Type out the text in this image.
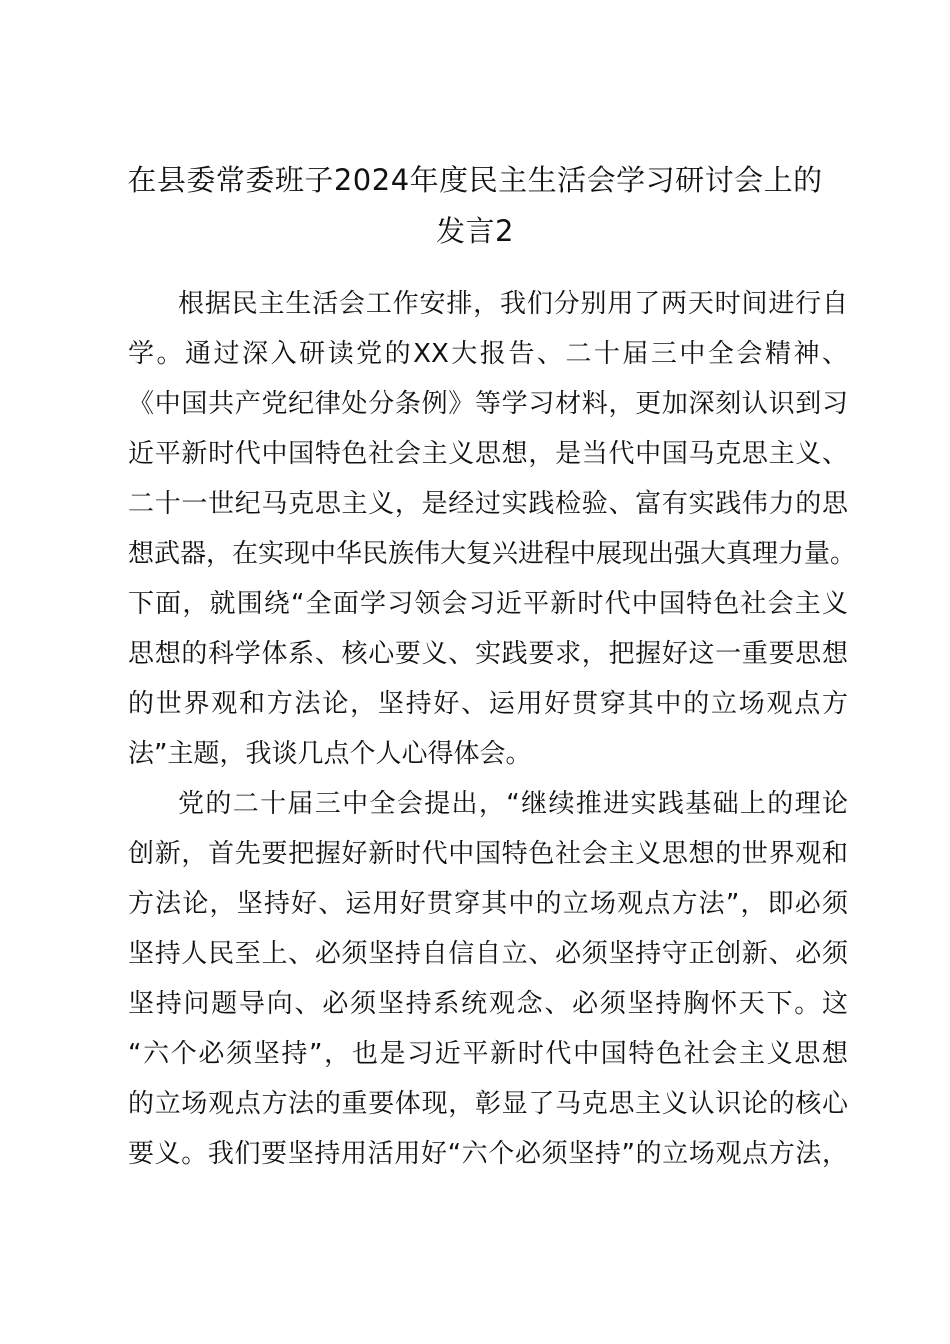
在县委常委班子2024年度民主生活会学习研讨会上的
发言2

根据民主生活会工作安排，我们分别用了两天时间进行自

学。通过深入研读党的XX大报告、二十届三中全会精神、

《中国共产党纪律处分条例》等学习材料，更加深刻认识到习

近平新时代中国特色社会主义思想，是当代中国马克思主义、

二十一世纪马克思主义，是经过实践检验、富有实践伟力的思

想武器，在实现中华民族伟大复兴进程中展现出强大真理力量。

下面，就围绕“全面学习领会习近平新时代中国特色社会主义

思想的科学体系、核心要义、实践要求，把握好这一重要思想

的世界观和方法论，坚持好、运用好贯穿其中的立场观点方

法”主题，我谈几点个人心得体会。

党的二十届三中全会提出，“继续推进实践基础上的理论

创新，首先要把握好新时代中国特色社会主义思想的世界观和

方法论，坚持好、运用好贯穿其中的立场观点方法”，即必须

坚持人民至上、必须坚持自信自立、必须坚持守正创新、必须

坚持问题导向、必须坚持系统观念、必须坚持胸怀天下。这

“六个必须坚持”，也是习近平新时代中国特色社会主义思想

的立场观点方法的重要体现，彰显了马克思主义认识论的核心

要义。我们要坚持用活用好“六个必须坚持”的立场观点方法，
